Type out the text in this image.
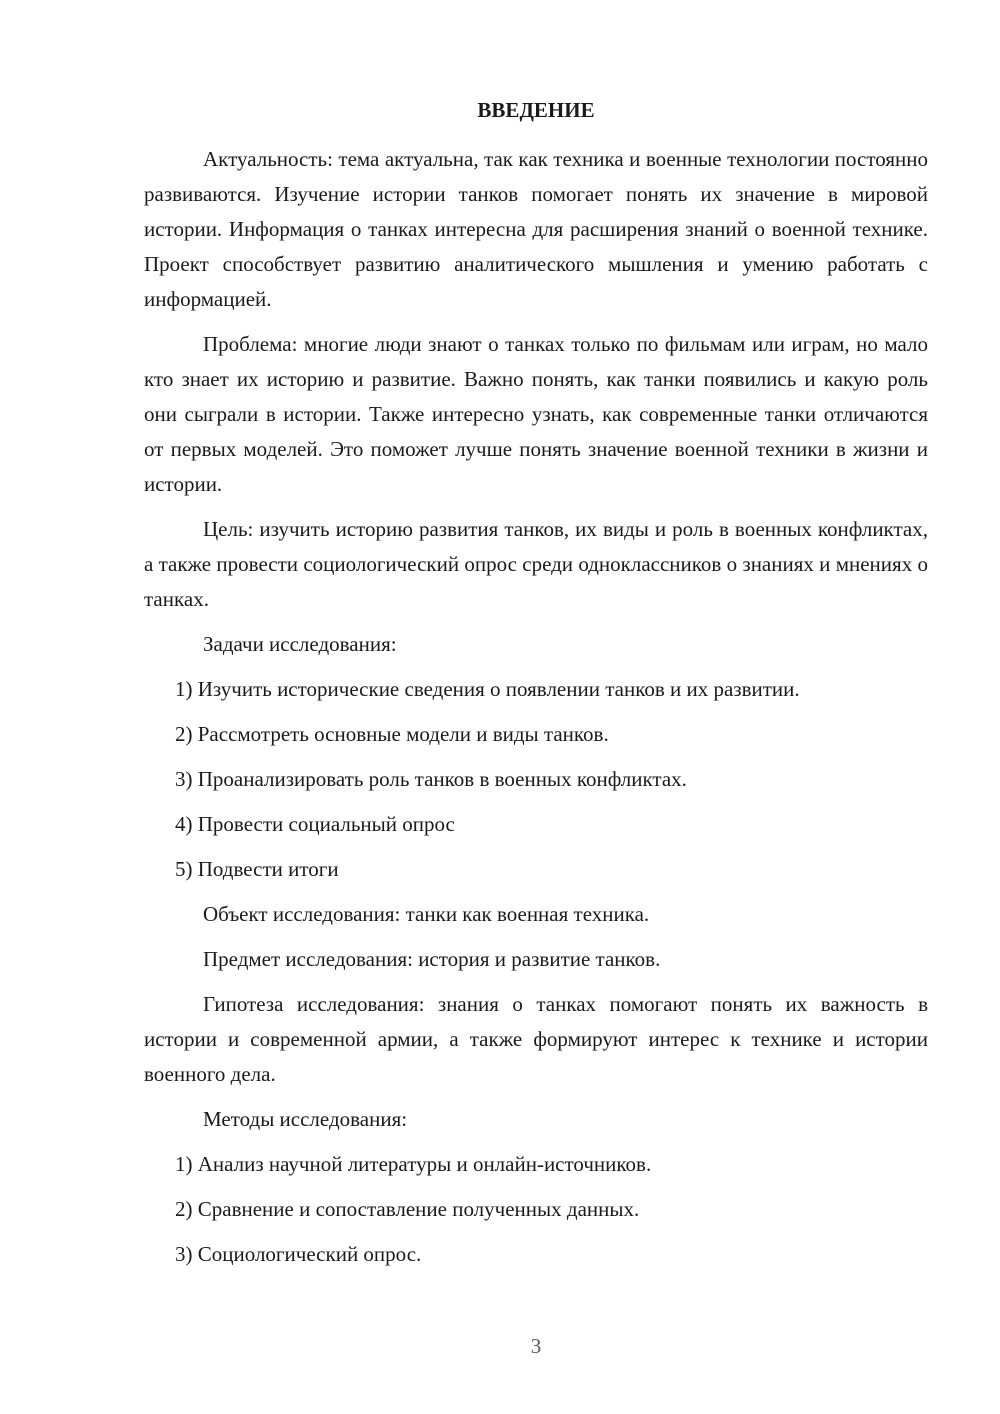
ВВЕДЕНИЕ

Актуальность: тема актуальна, так как техника и военные технологии постоянно развиваются. Изучение истории танков помогает понять их значение в мировой истории. Информация о танках интересна для расширения знаний о военной технике. Проект способствует развитию аналитического мышления и умению работать с информацией.

Проблема: многие люди знают о танках только по фильмам или играм, но мало кто знает их историю и развитие. Важно понять, как танки появились и какую роль они сыграли в истории. Также интересно узнать, как современные танки отличаются от первых моделей. Это поможет лучше понять значение военной техники в жизни и истории.

Цель: изучить историю развития танков, их виды и роль в военных конфликтах, а также провести социологический опрос среди одноклассников о знаниях и мнениях о танках.

Задачи исследования:

1) Изучить исторические сведения о появлении танков и их развитии.
2) Рассмотреть основные модели и виды танков.
3) Проанализировать роль танков в военных конфликтах.
4) Провести социальный опрос
5) Подвести итоги

Объект исследования: танки как военная техника.

Предмет исследования: история и развитие танков.

Гипотеза исследования: знания о танках помогают понять их важность в истории и современной армии, а также формируют интерес к технике и истории военного дела.

Методы исследования:

1) Анализ научной литературы и онлайн-источников.
2) Сравнение и сопоставление полученных данных.
3) Социологический опрос.
3
